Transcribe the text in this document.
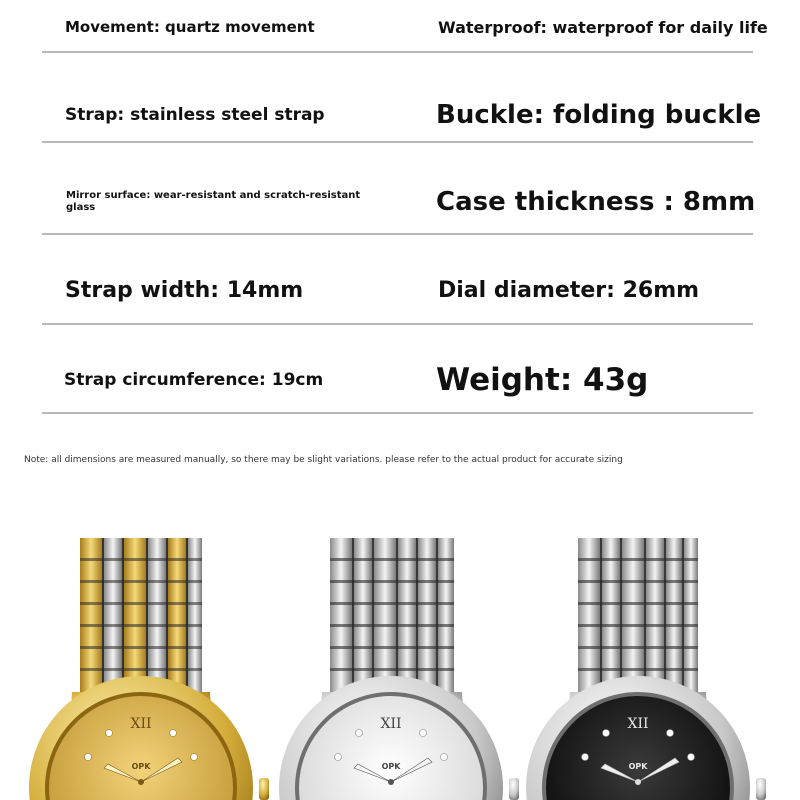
Movement: quartz movement	Waterproof: waterproof for daily life
Strap: stainless steel strap	Buckle: folding buckle
Mirror surface: wear-resistant and scratch-resistant glass	Case thickness : 8mm
Strap width: 14mm	Dial diameter: 26mm
Strap circumference: 19cm	Weight: 43g
Note: all dimensions are measured manually, so there may be slight variations. please refer to the actual product for accurate sizing
XII
OPK
XII
OPK
XII
OPK
